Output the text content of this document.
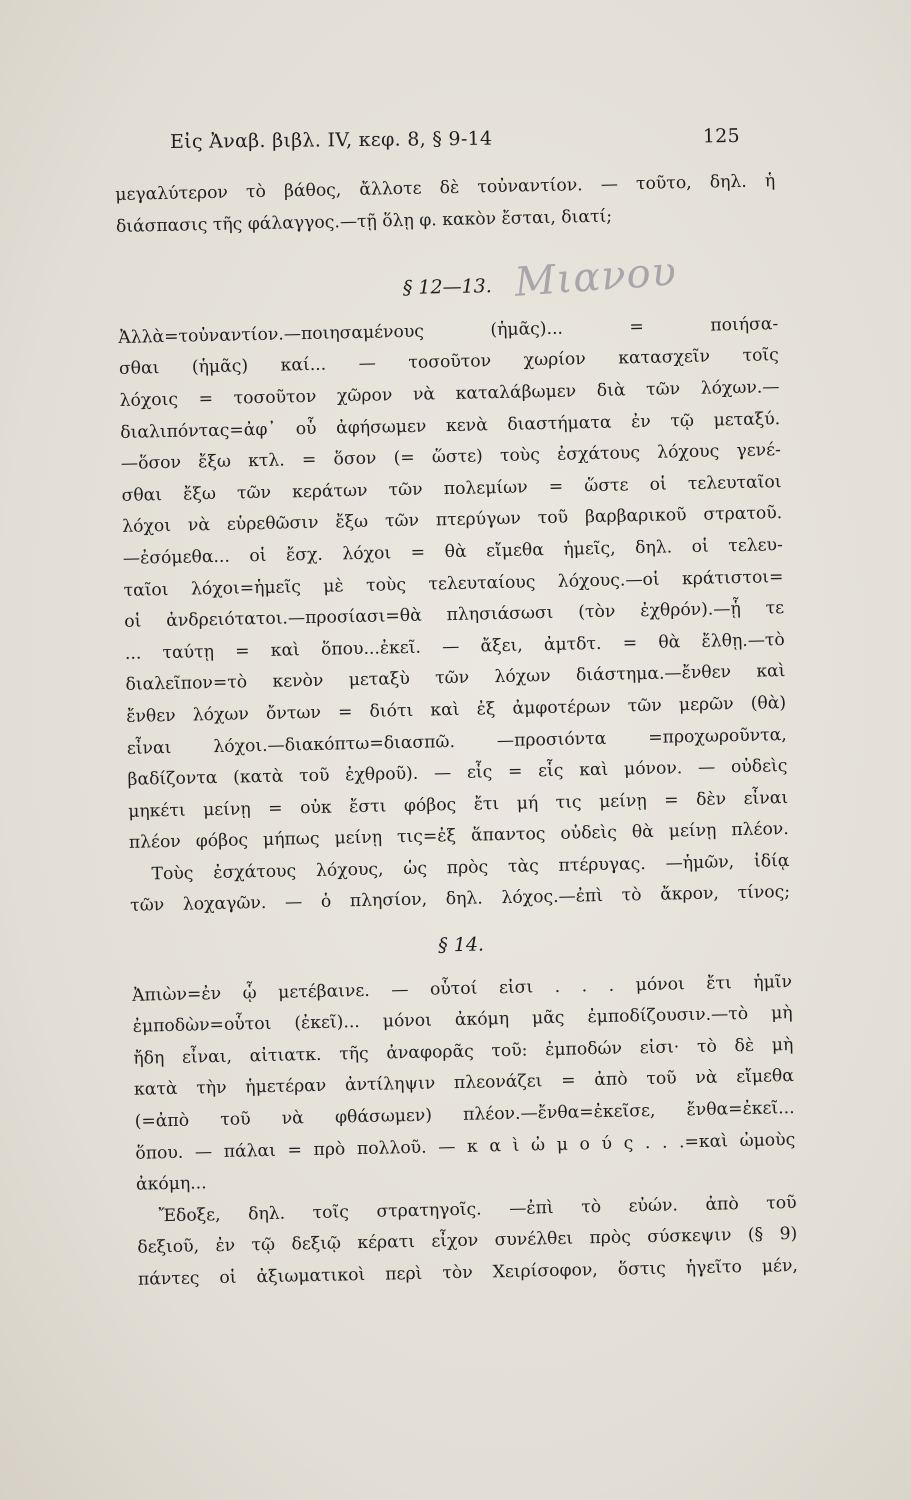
Εἰς Ἀναβ. βιβλ. IV, κεφ. 8, § 9-14	125
Μιανου
μεγαλύτερον τὸ βάθος, ἄλλοτε δὲ τοὐναντίον. — τοῦτο, δηλ. ἡ
διάσπασις τῆς φάλαγγος.—τῇ ὅλῃ φ. κακὸν ἔσται, διατί;
§ 12—13.
Ἀλλὰ=τοὐναντίον.—ποιησαμένους (ἡμᾶς)... = ποιήσα-
σθαι (ἡμᾶς) καί... — τοσοῦτον χωρίον κατασχεῖν τοῖς
λόχοις = τοσοῦτον χῶρον νὰ καταλάβωμεν διὰ τῶν λόχων.—
διαλιπόντας=ἀφ᾽ οὗ ἀφήσωμεν κενὰ διαστήματα ἐν τῷ μεταξύ.
—ὅσον ἔξω κτλ. = ὅσον (= ὥστε) τοὺς ἐσχάτους λόχους γενέ-
σθαι ἔξω τῶν κεράτων τῶν πολεμίων = ὥστε οἱ τελευταῖοι
λόχοι νὰ εὑρεθῶσιν ἔξω τῶν πτερύγων τοῦ βαρβαρικοῦ στρατοῦ.
—ἐσόμεθα... οἱ ἔσχ. λόχοι = θὰ εἴμεθα ἡμεῖς, δηλ. οἱ τελευ-
ταῖοι λόχοι=ἡμεῖς μὲ τοὺς τελευταίους λόχους.—οἱ κράτιστοι=
οἱ ἀνδρειότατοι.—προσίασι=θὰ πλησιάσωσι (τὸν ἐχθρόν).—ᾗ τε
... ταύτῃ = καὶ ὅπου...ἐκεῖ. — ἄξει, ἀμτδτ. = θὰ ἔλθῃ.—τὸ
διαλεῖπον=τὸ κενὸν μεταξὺ τῶν λόχων διάστημα.—ἔνθεν καὶ
ἔνθεν λόχων ὄντων = διότι καὶ ἐξ ἀμφοτέρων τῶν μερῶν (θὰ)
εἶναι λόχοι.—διακόπτω=διασπῶ. —προσιόντα =προχωροῦντα,
βαδίζοντα (κατὰ τοῦ ἐχθροῦ). — εἷς = εἷς καὶ μόνον. — οὐδεὶς
μηκέτι μείνῃ = οὐκ ἔστι φόβος ἔτι μή τις μείνῃ = δὲν εἶναι
πλέον φόβος μήπως μείνῃ τις=ἐξ ἅπαντος οὐδεὶς θὰ μείνῃ πλέον.
Τοὺς ἐσχάτους λόχους, ὡς πρὸς τὰς πτέρυγας. —ἡμῶν, ἰδίᾳ
τῶν λοχαγῶν. — ὁ πλησίον, δηλ. λόχος.—ἐπὶ τὸ ἄκρον, τίνος;
§ 14.
Ἀπιὼν=ἐν ᾧ μετέβαινε. — οὗτοί εἰσι . . . μόνοι ἔτι ἡμῖν
ἐμποδὼν=οὗτοι (ἐκεῖ)... μόνοι ἀκόμη μᾶς ἐμποδίζουσιν.—τὸ μὴ
ἤδη εἶναι, αἰτιατκ. τῆς ἀναφορᾶς τοῦ: ἐμποδών εἰσι· τὸ δὲ μὴ
κατὰ τὴν ἡμετέραν ἀντίληψιν πλεονάζει = ἀπὸ τοῦ νὰ εἴμεθα
(=ἀπὸ τοῦ νὰ φθάσωμεν) πλέον.—ἔνθα=ἐκεῖσε, ἔνθα=ἐκεῖ...
ὅπου. — πάλαι = πρὸ πολλοῦ. — κ α ὶ ὠ μ ο ύ ς . . .=καὶ ὠμοὺς
ἀκόμη...
Ἔδοξε, δηλ. τοῖς στρατηγοῖς. —ἐπὶ τὸ εὐών. ἀπὸ τοῦ
δεξιοῦ, ἐν τῷ δεξιῷ κέρατι εἶχον συνέλθει πρὸς σύσκεψιν (§ 9)
πάντες οἱ ἀξιωματικοὶ περὶ τὸν Χειρίσοφον, ὅστις ἡγεῖτο μέν,
